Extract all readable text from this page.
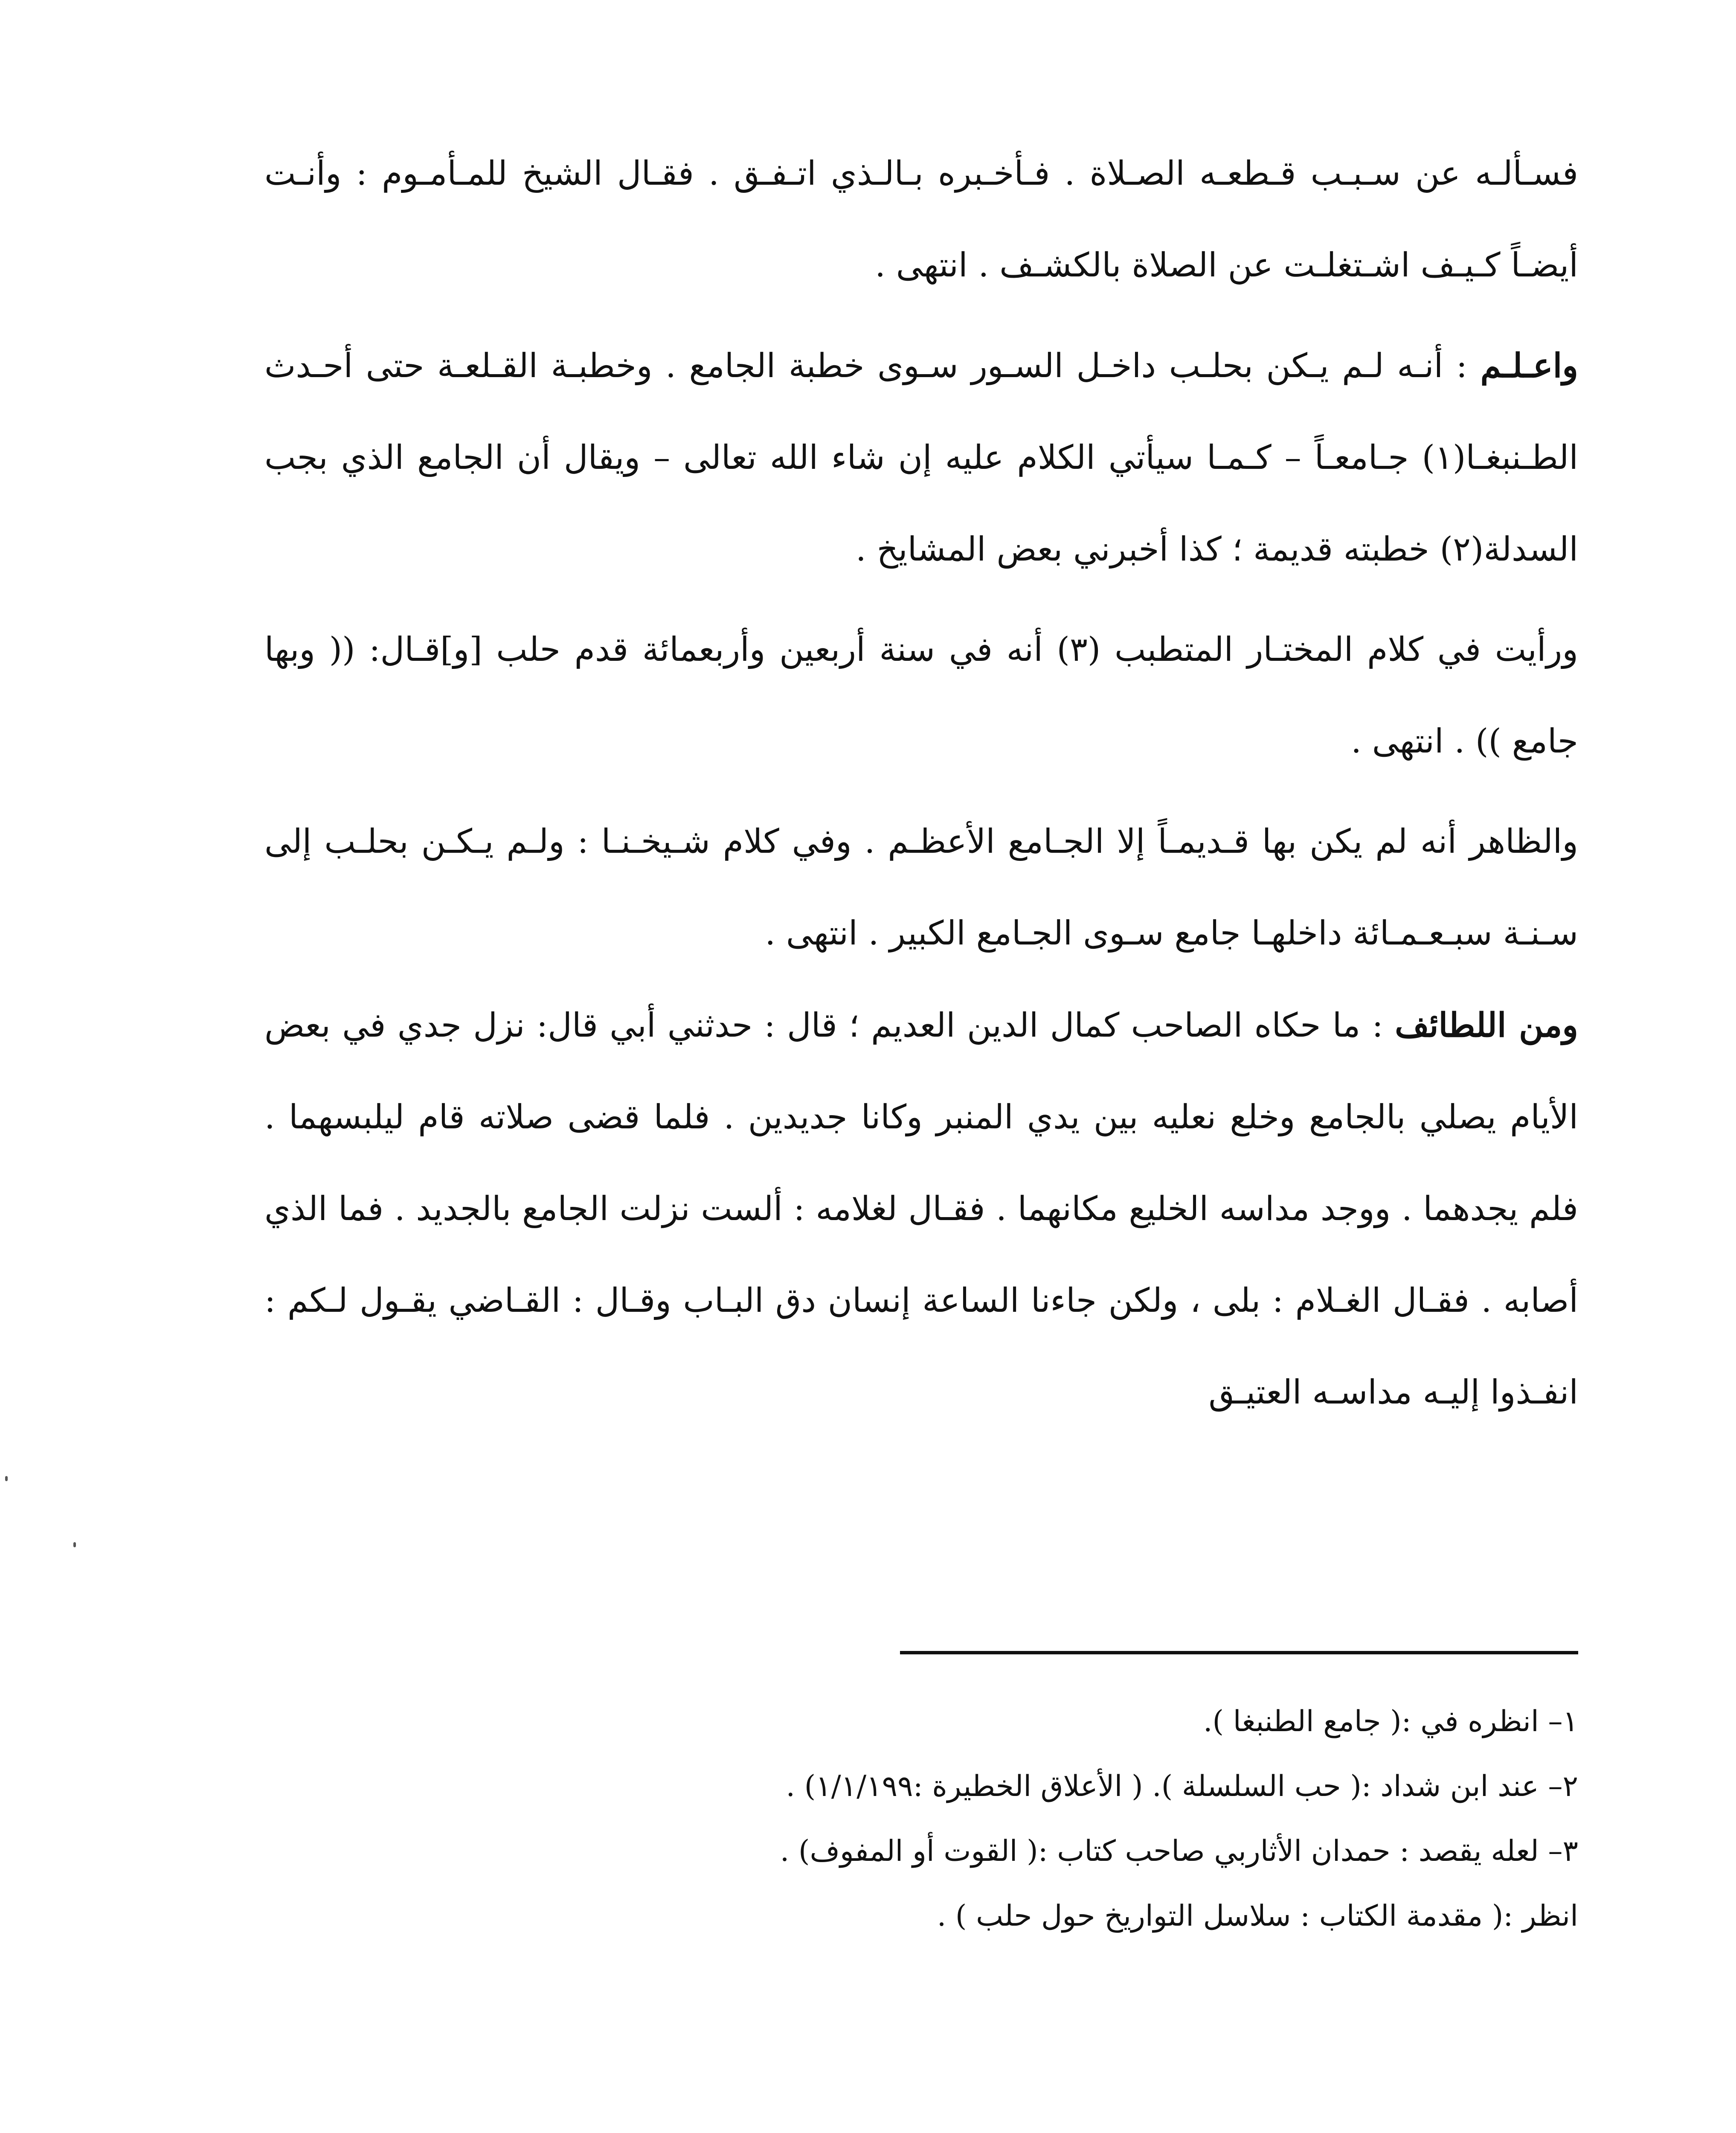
فسـألـه عن سـبـب قـطعـه الصـلاة . فـأخـبره بـالـذي اتـفـق . فقـال الشيخ للمـأمـوم : وأنـت أيضـاً كـيـف اشـتغلـت عن الصلاة بالكشـف . انتهى .

واعـلـم : أنـه لـم يـكن بحلـب داخـل السـور سـوى خطبة الجامع . وخطبـة القـلعـة حتى أحـدث الطـنبغـا(١) جـامعـاً – كـمـا سيأتي الكلام عليه إن شاء الله تعالى – ويقال أن الجامع الذي بجب السدلة(٢) خطبته قديمة ؛ كذا أخبرني بعض المشايخ .

ورأيت في كلام المختـار المتطبب (٣) أنه في سنة أربعين وأربعمائة قدم حلب [و]قـال: (( وبها جامع )) . انتهى .

والظاهر أنه لم يكن بها قـديمـاً إلا الجـامع الأعظـم . وفي كلام شـيخـنـا : ولـم يـكـن بحلـب إلى سـنـة سبـعـمـائة داخلهـا جامع سـوى الجـامع الكبير . انتهى .

ومن اللطائف : ما حكاه الصاحب كمال الدين العديم ؛ قال : حدثني أبي قال: نزل جدي في بعض الأيام يصلي بالجامع وخلع نعليه بين يدي المنبر وكانا جديدين . فلما قضى صلاته قام ليلبسهما . فلم يجدهما . ووجد مداسه الخليع مكانهما . فقـال لغلامه : ألست نزلت الجامع بالجديد . فما الذي أصابه . فقـال الغـلام : بلى ، ولكن جاءنا الساعة إنسان دق البـاب وقـال : القـاضي يقـول لـكم : انفـذوا إليـه مداسـه العتيـق

١– انظره في :( جامع الطنبغا ).

٢– عند ابن شداد :( حب السلسلة ). ( الأعلاق الخطيرة :١/١/١٩٩) .

٣– لعله يقصد : حمدان الأثاربي صاحب كتاب :( القوت أو المفوف) .

انظر :( مقدمة الكتاب : سلاسل التواريخ حول حلب ) .
